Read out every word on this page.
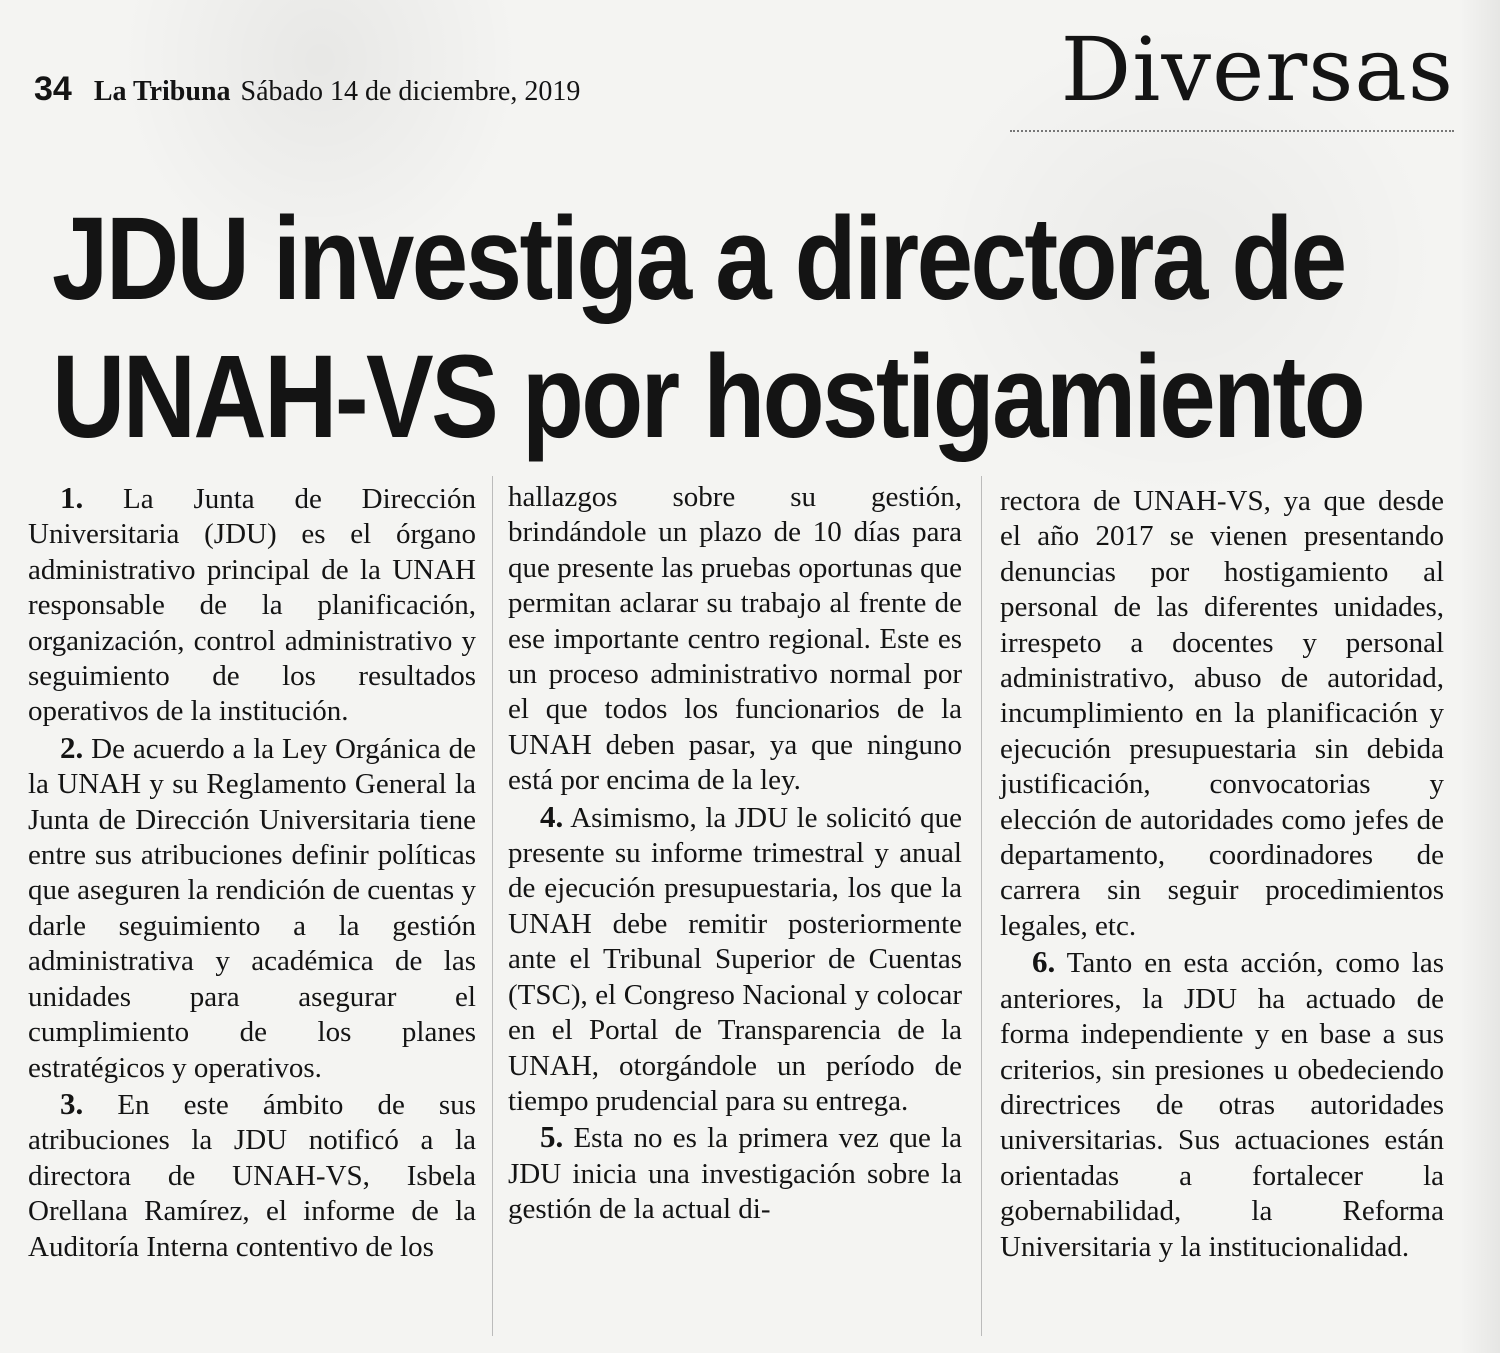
34 La Tribuna Sábado 14 de diciembre, 2019	Diversas
JDU investiga a directora de
UNAH-VS por hostigamiento

1. La Junta de Dirección Universitaria (JDU) es el órgano administrativo principal de la UNAH responsable de la planificación, organización, control administrativo y seguimiento de los resultados operativos de la institución.

2. De acuerdo a la Ley Orgánica de la UNAH y su Reglamento General la Junta de Dirección Universitaria tiene entre sus atribuciones definir políticas que aseguren la rendición de cuentas y darle seguimiento a la gestión administrativa y académica de las unidades para asegurar el cumplimiento de los planes estratégicos y operativos.

3. En este ámbito de sus atribuciones la JDU notificó a la directora de UNAH-VS, Isbela Orellana Ramírez, el informe de la Auditoría Interna contentivo de los

hallazgos sobre su gestión, brindándole un plazo de 10 días para que presente las pruebas oportunas que permitan aclarar su trabajo al frente de ese importante centro regional. Este es un proceso administrativo normal por el que todos los funcionarios de la UNAH deben pasar, ya que ninguno está por encima de la ley.

4. Asimismo, la JDU le solicitó que presente su informe trimestral y anual de ejecución presupuestaria, los que la UNAH debe remitir posteriormente ante el Tribunal Superior de Cuentas (TSC), el Congreso Nacional y colocar en el Portal de Transparencia de la UNAH, otorgándole un período de tiempo prudencial para su entrega.

5. Esta no es la primera vez que la JDU inicia una investigación sobre la gestión de la actual di-

rectora de UNAH-VS, ya que desde el año 2017 se vienen presentando denuncias por hostigamiento al personal de las diferentes unidades, irrespeto a docentes y personal administrativo, abuso de autoridad, incumplimiento en la planificación y ejecución presupuestaria sin debida justificación, convocatorias y elección de autoridades como jefes de departamento, coordinadores de carrera sin seguir procedimientos legales, etc.

6. Tanto en esta acción, como las anteriores, la JDU ha actuado de forma independiente y en base a sus criterios, sin presiones u obedeciendo directrices de otras autoridades universitarias. Sus actuaciones están orientadas a fortalecer la gobernabilidad, la Reforma Universitaria y la institucionalidad.
